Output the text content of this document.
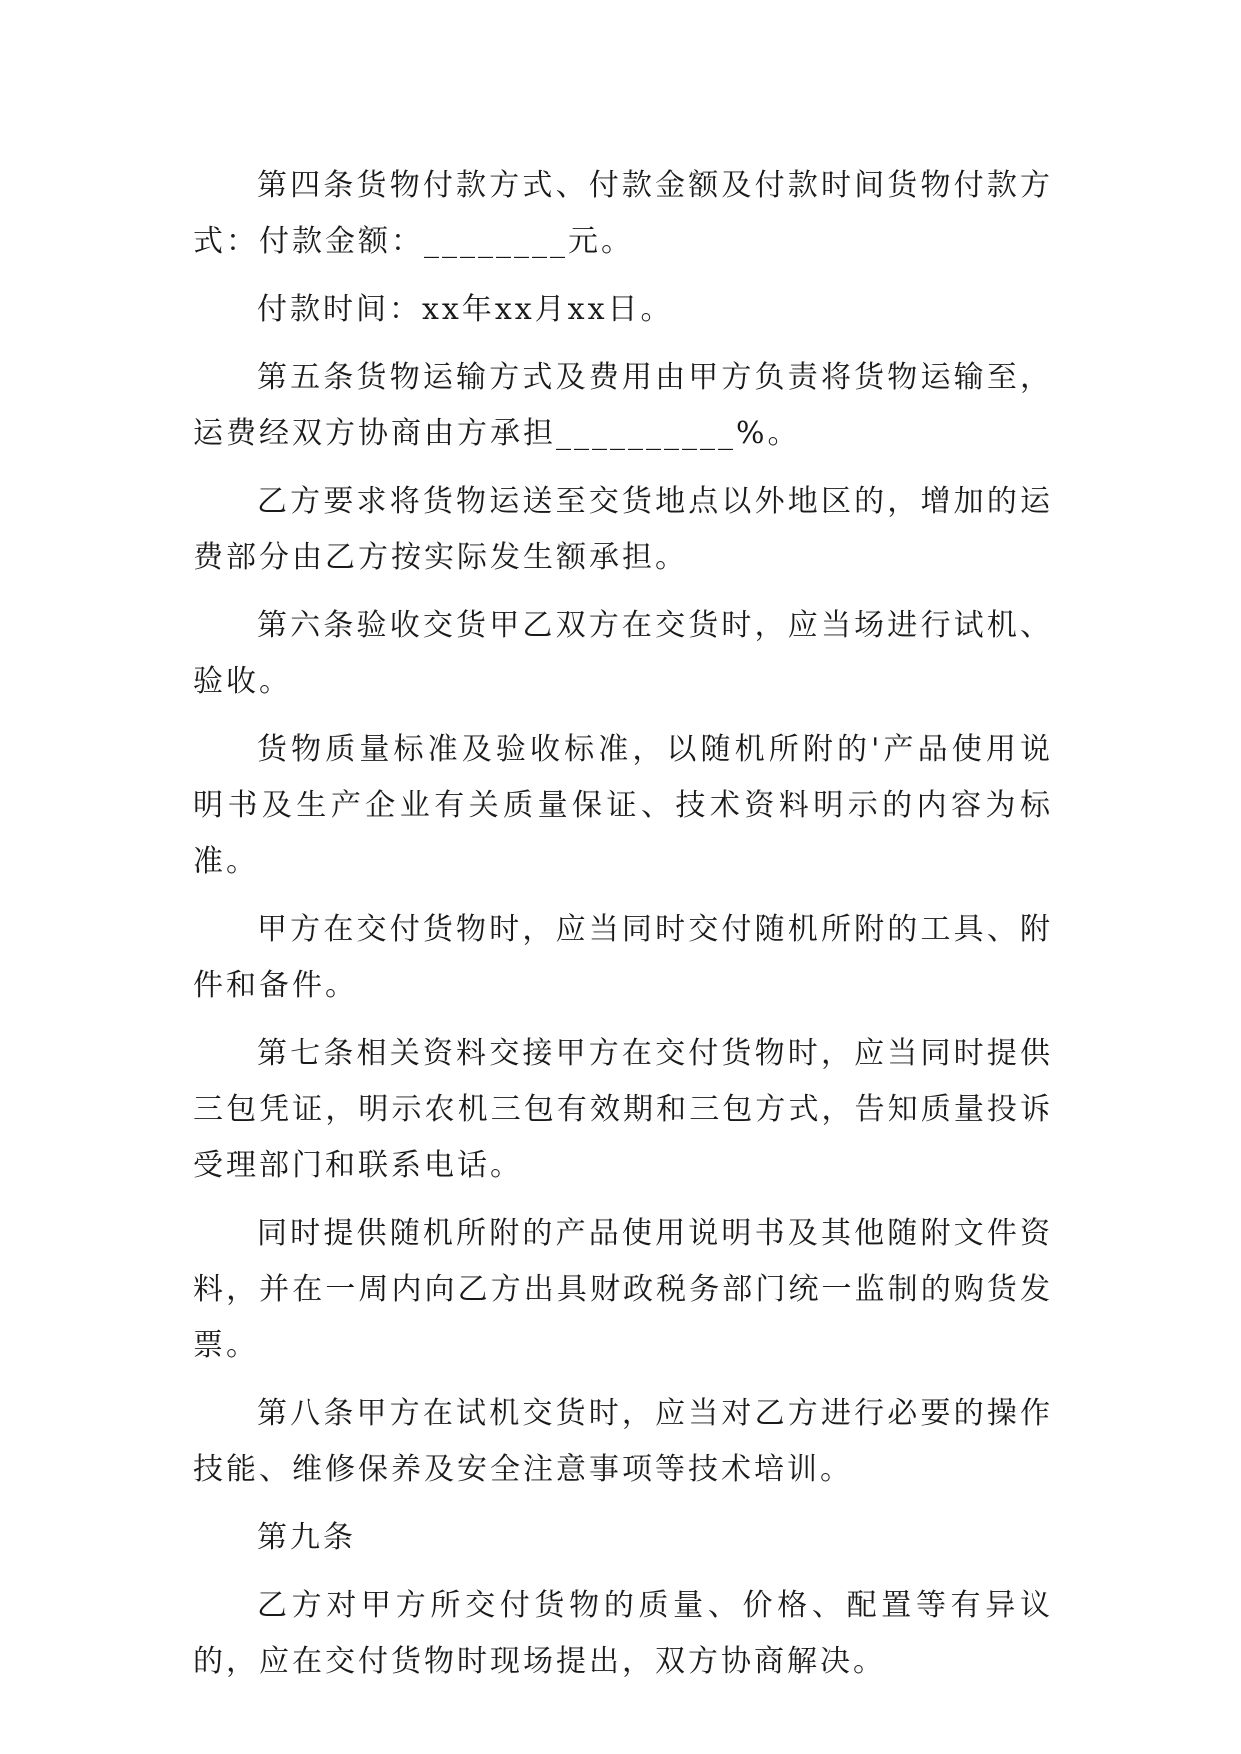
第四条货物付款方式、付款金额及付款时间货物付款方式：付款金额：________元。

付款时间：xx年xx月xx日。

第五条货物运输方式及费用由甲方负责将货物运输至，运费经双方协商由方承担__________%。

乙方要求将货物运送至交货地点以外地区的，增加的运费部分由乙方按实际发生额承担。

第六条验收交货甲乙双方在交货时，应当场进行试机、验收。

货物质量标准及验收标准，以随机所附的'产品使用说明书及生产企业有关质量保证、技术资料明示的内容为标准。

甲方在交付货物时，应当同时交付随机所附的工具、附件和备件。

第七条相关资料交接甲方在交付货物时，应当同时提供三包凭证，明示农机三包有效期和三包方式，告知质量投诉受理部门和联系电话。

同时提供随机所附的产品使用说明书及其他随附文件资料，并在一周内向乙方出具财政税务部门统一监制的购货发票。

第八条甲方在试机交货时，应当对乙方进行必要的操作技能、维修保养及安全注意事项等技术培训。

第九条

乙方对甲方所交付货物的质量、价格、配置等有异议的，应在交付货物时现场提出，双方协商解决。
